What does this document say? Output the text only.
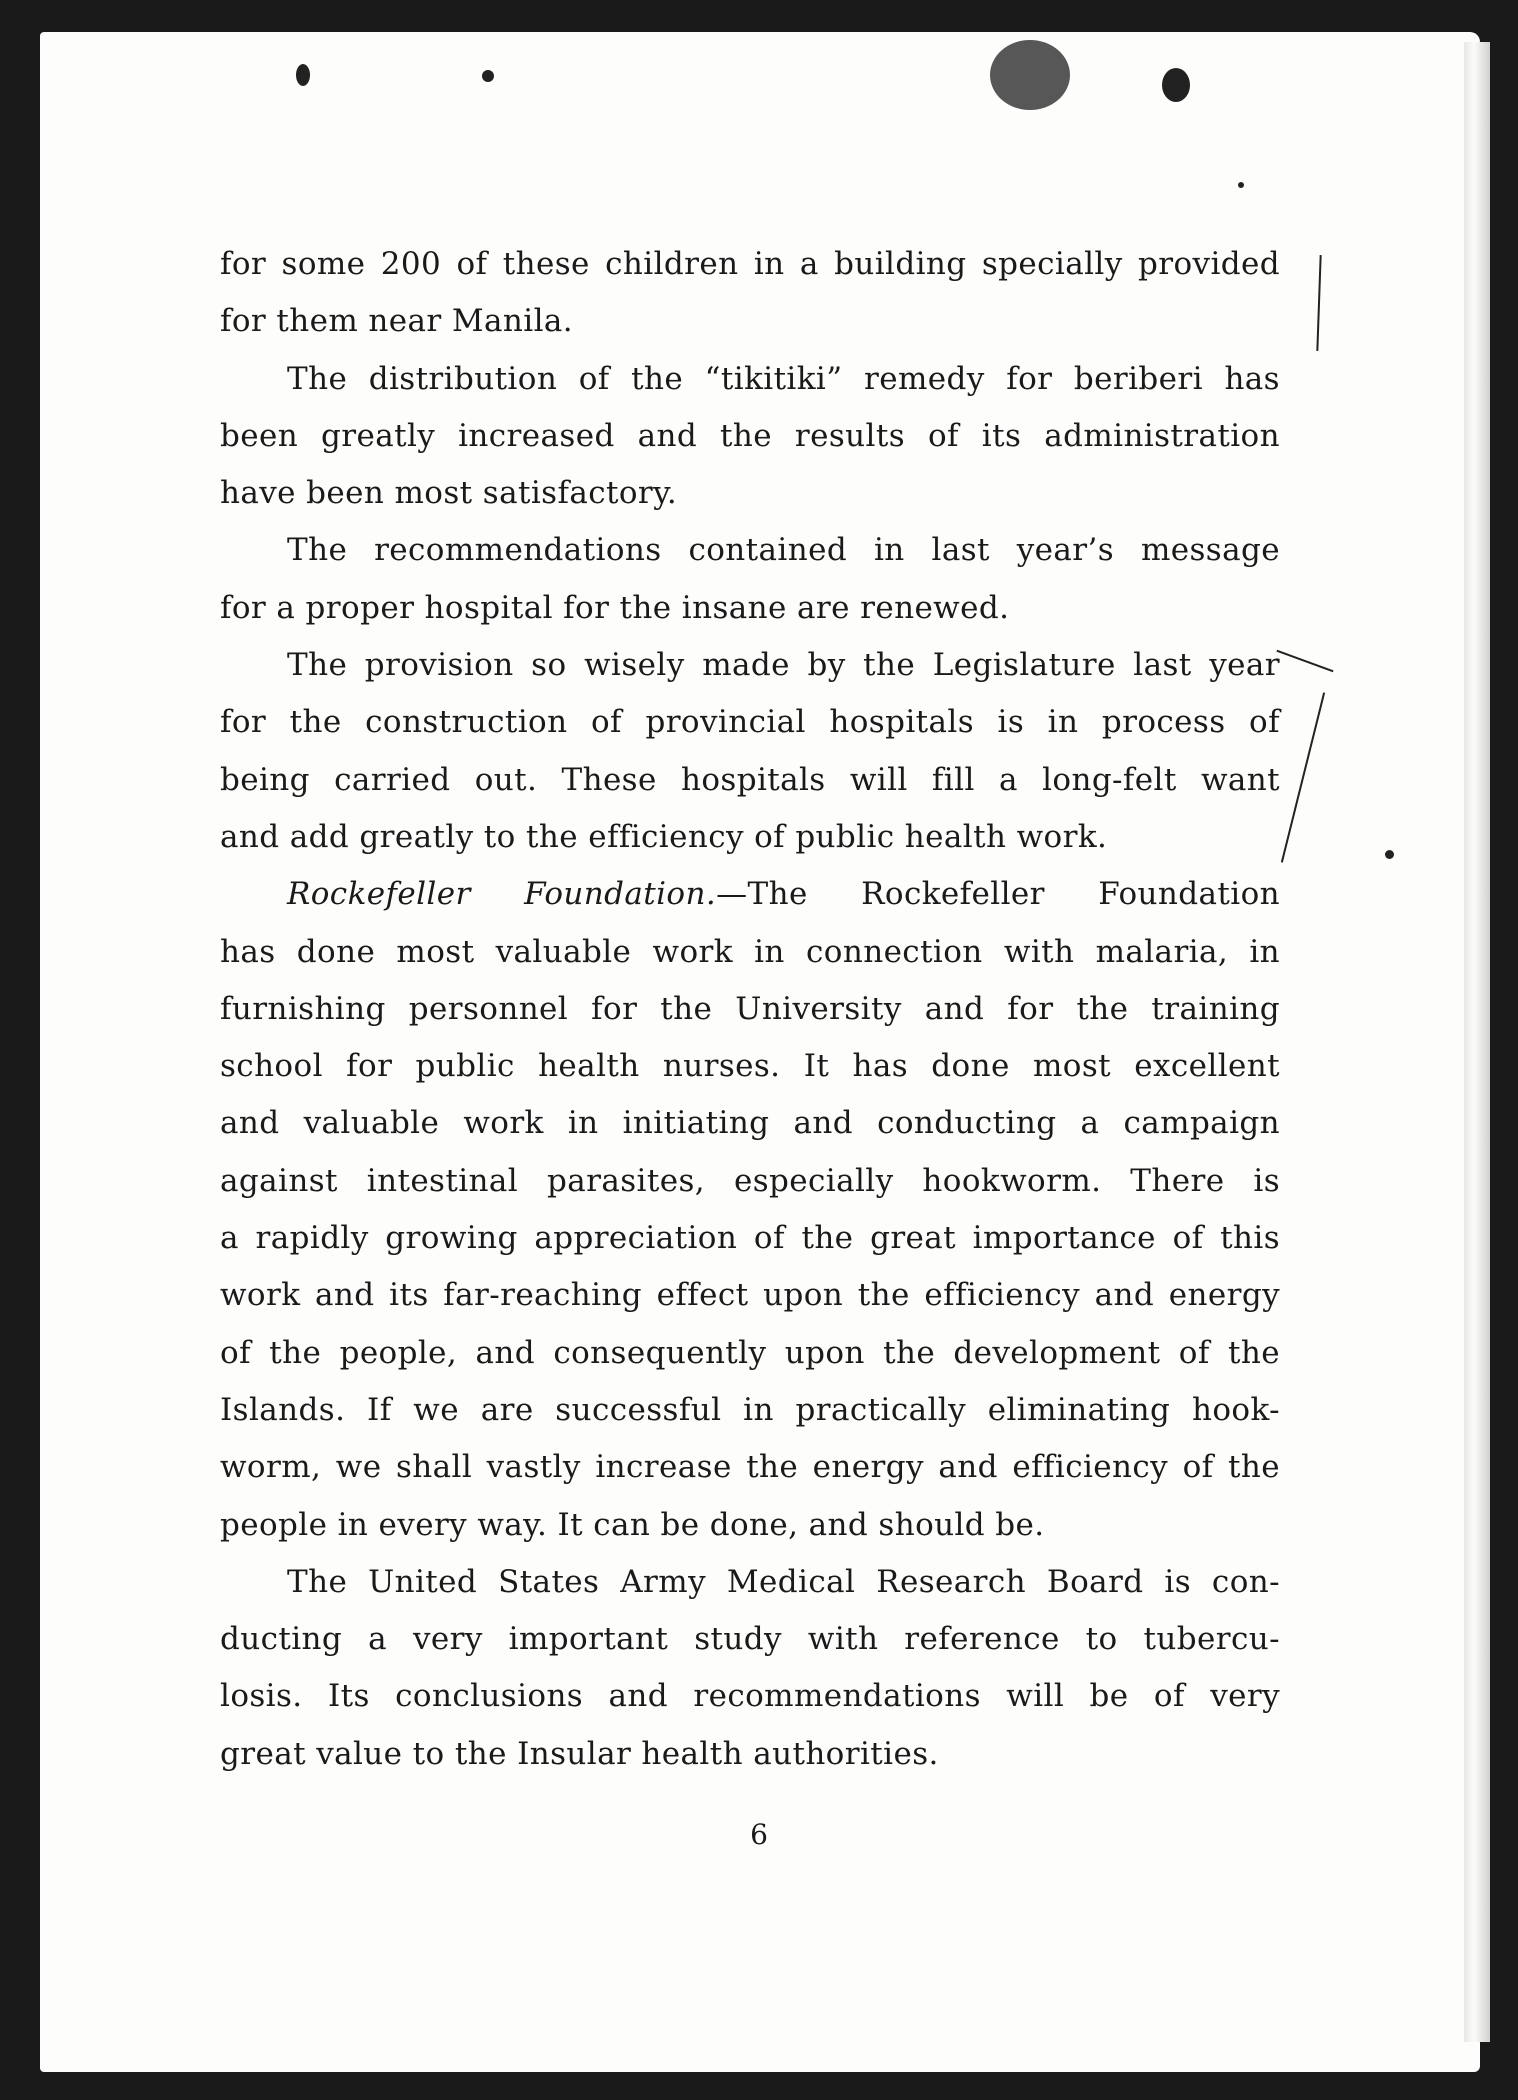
for some 200 of these children in a building specially provided
for them near Manila.
The distribution of the “tikitiki” remedy for beriberi has
been greatly increased and the results of its administration
have been most satisfactory.
The recommendations contained in last year’s message
for a proper hospital for the insane are renewed.
The provision so wisely made by the Legislature last year
for the construction of provincial hospitals is in process of
being carried out. These hospitals will fill a long-felt want
and add greatly to the efficiency of public health work.
Rockefeller Foundation.—The Rockefeller Foundation
has done most valuable work in connection with malaria, in
furnishing personnel for the University and for the training
school for public health nurses. It has done most excellent
and valuable work in initiating and conducting a campaign
against intestinal parasites, especially hookworm. There is
a rapidly growing appreciation of the great importance of this
work and its far-reaching effect upon the efficiency and energy
of the people, and consequently upon the development of the
Islands. If we are successful in practically eliminating hook-
worm, we shall vastly increase the energy and efficiency of the
people in every way. It can be done, and should be.
The United States Army Medical Research Board is con-
ducting a very important study with reference to tubercu-
losis. Its conclusions and recommendations will be of very
great value to the Insular health authorities.
6
